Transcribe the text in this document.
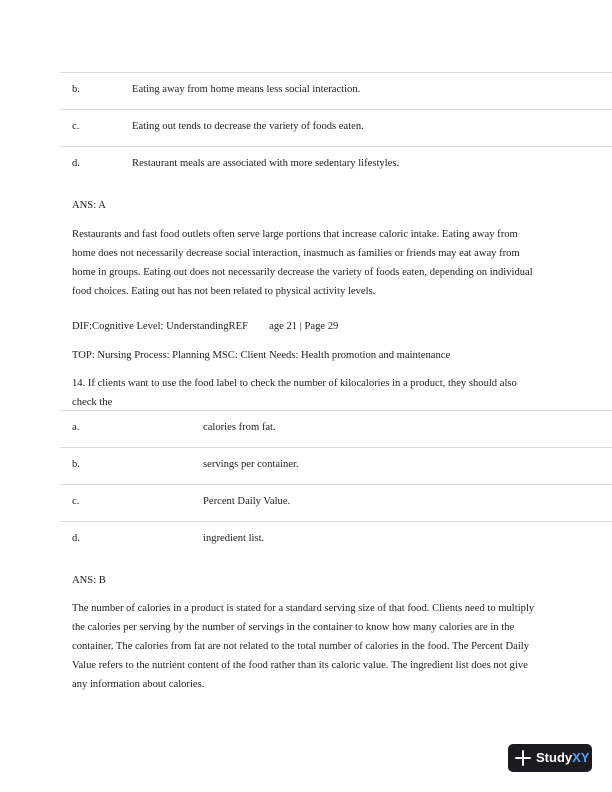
b.	Eating away from home means less social interaction.
c.	Eating out tends to decrease the variety of foods eaten.
d.	Restaurant meals are associated with more sedentary lifestyles.

ANS: A

Restaurants and fast food outlets often serve large portions that increase caloric intake. Eating away from home does not necessarily decrease social interaction, inasmuch as families or friends may eat away from home in groups. Eating out does not necessarily decrease the variety of foods eaten, depending on individual food choices. Eating out has not been related to physical activity levels.

DIF:Cognitive Level: UnderstandingREF        age 21 | Page 29

TOP: Nursing Process: Planning MSC: Client Needs: Health promotion and maintenance

14. If clients want to use the food label to check the number of kilocalories in a product, they should also check the

a.	calories from fat.
b.	servings per container.
c.	Percent Daily Value.
d.	ingredient list.

ANS: B

The number of calories in a product is stated for a standard serving size of that food. Clients need to multiply the calories per serving by the number of servings in the container to know how many calories are in the container. The calories from fat are not related to the total number of calories in the food. The Percent Daily Value refers to the nutrient content of the food rather than its caloric value. The ingredient list does not give any information about calories.

StudyXY
